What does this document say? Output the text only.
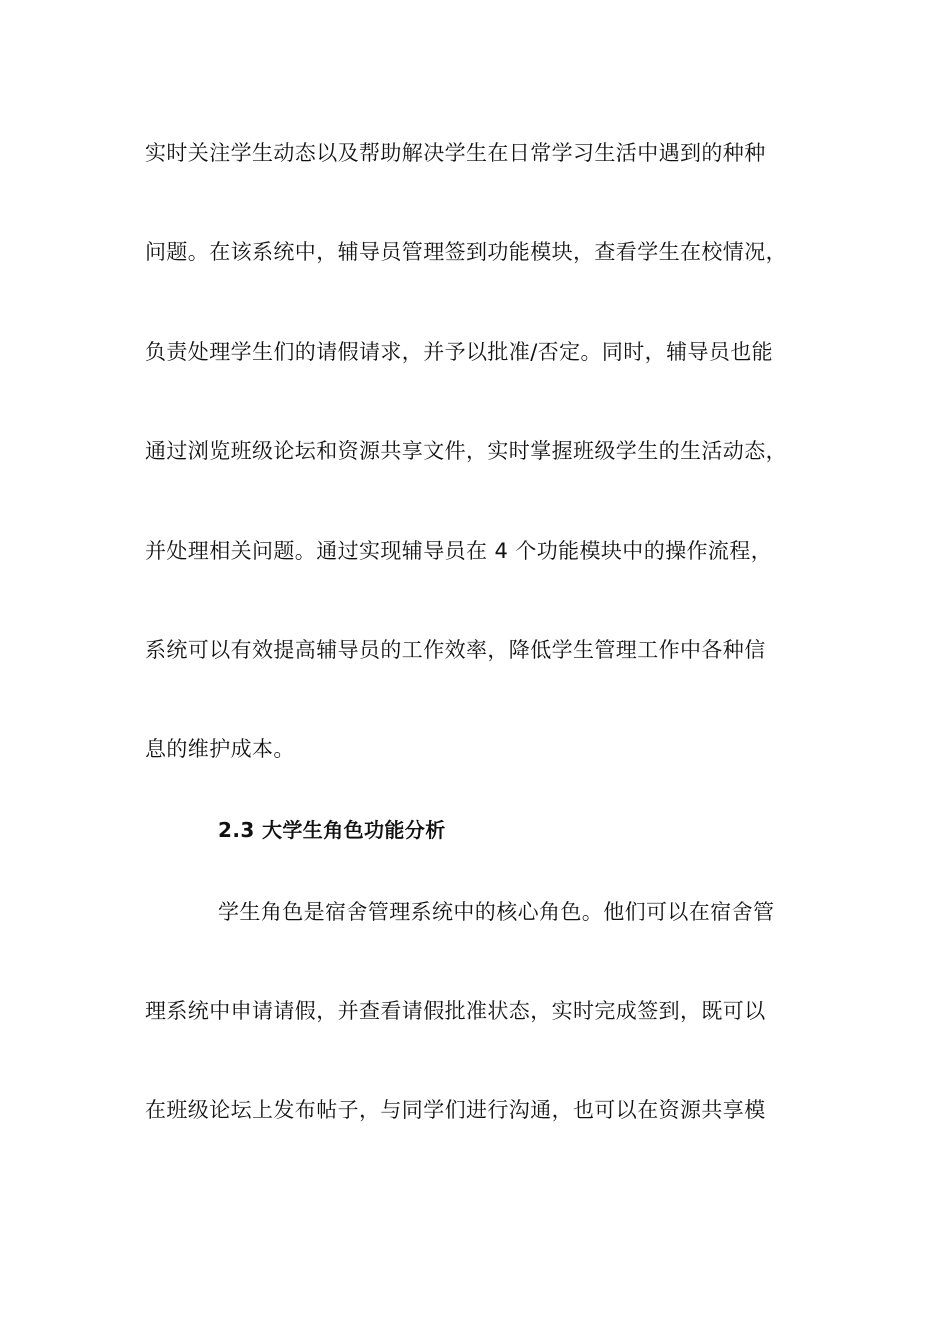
实时关注学生动态以及帮助解决学生在日常学习生活中遇到的种种

问题。在该系统中，辅导员管理签到功能模块，查看学生在校情况，

负责处理学生们的请假请求，并予以批准/否定。同时，辅导员也能

通过浏览班级论坛和资源共享文件，实时掌握班级学生的生活动态，

并处理相关问题。通过实现辅导员在 4 个功能模块中的操作流程，

系统可以有效提高辅导员的工作效率，降低学生管理工作中各种信

息的维护成本。

2.3 大学生角色功能分析

学生角色是宿舍管理系统中的核心角色。他们可以在宿舍管

理系统中申请请假，并查看请假批准状态，实时完成签到，既可以

在班级论坛上发布帖子，与同学们进行沟通，也可以在资源共享模
